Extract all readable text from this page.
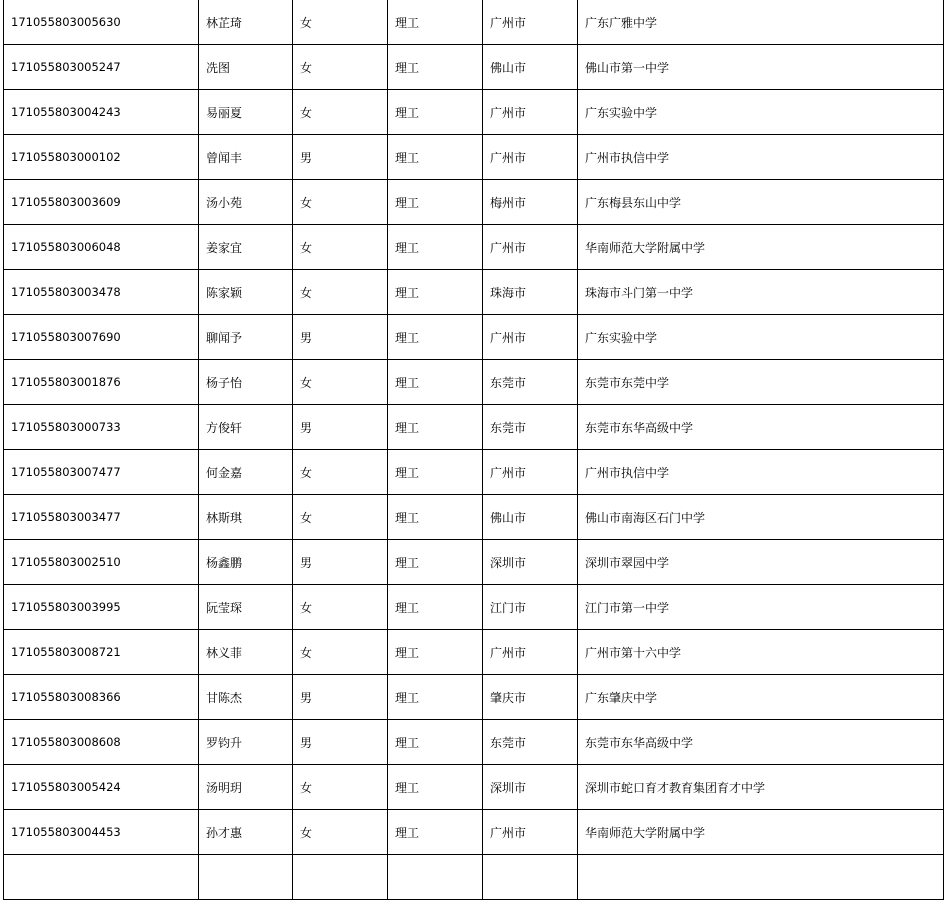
171055803005630	林芷琦	女	理工	广州市	广东广雅中学
171055803005247	冼图	女	理工	佛山市	佛山市第一中学
171055803004243	易丽夏	女	理工	广州市	广东实验中学
171055803000102	曾闻丰	男	理工	广州市	广州市执信中学
171055803003609	汤小苑	女	理工	梅州市	广东梅县东山中学
171055803006048	姜家宜	女	理工	广州市	华南师范大学附属中学
171055803003478	陈家颖	女	理工	珠海市	珠海市斗门第一中学
171055803007690	聊闻予	男	理工	广州市	广东实验中学
171055803001876	杨子怡	女	理工	东莞市	东莞市东莞中学
171055803000733	方俊轩	男	理工	东莞市	东莞市东华高级中学
171055803007477	何金嘉	女	理工	广州市	广州市执信中学
171055803003477	林斯琪	女	理工	佛山市	佛山市南海区石门中学
171055803002510	杨鑫鹏	男	理工	深圳市	深圳市翠园中学
171055803003995	阮莹琛	女	理工	江门市	江门市第一中学
171055803008721	林义菲	女	理工	广州市	广州市第十六中学
171055803008366	甘陈杰	男	理工	肇庆市	广东肇庆中学
171055803008608	罗钧升	男	理工	东莞市	东莞市东华高级中学
171055803005424	汤明玥	女	理工	深圳市	深圳市蛇口育才教育集团育才中学
171055803004453	孙才惠	女	理工	广州市	华南师范大学附属中学
